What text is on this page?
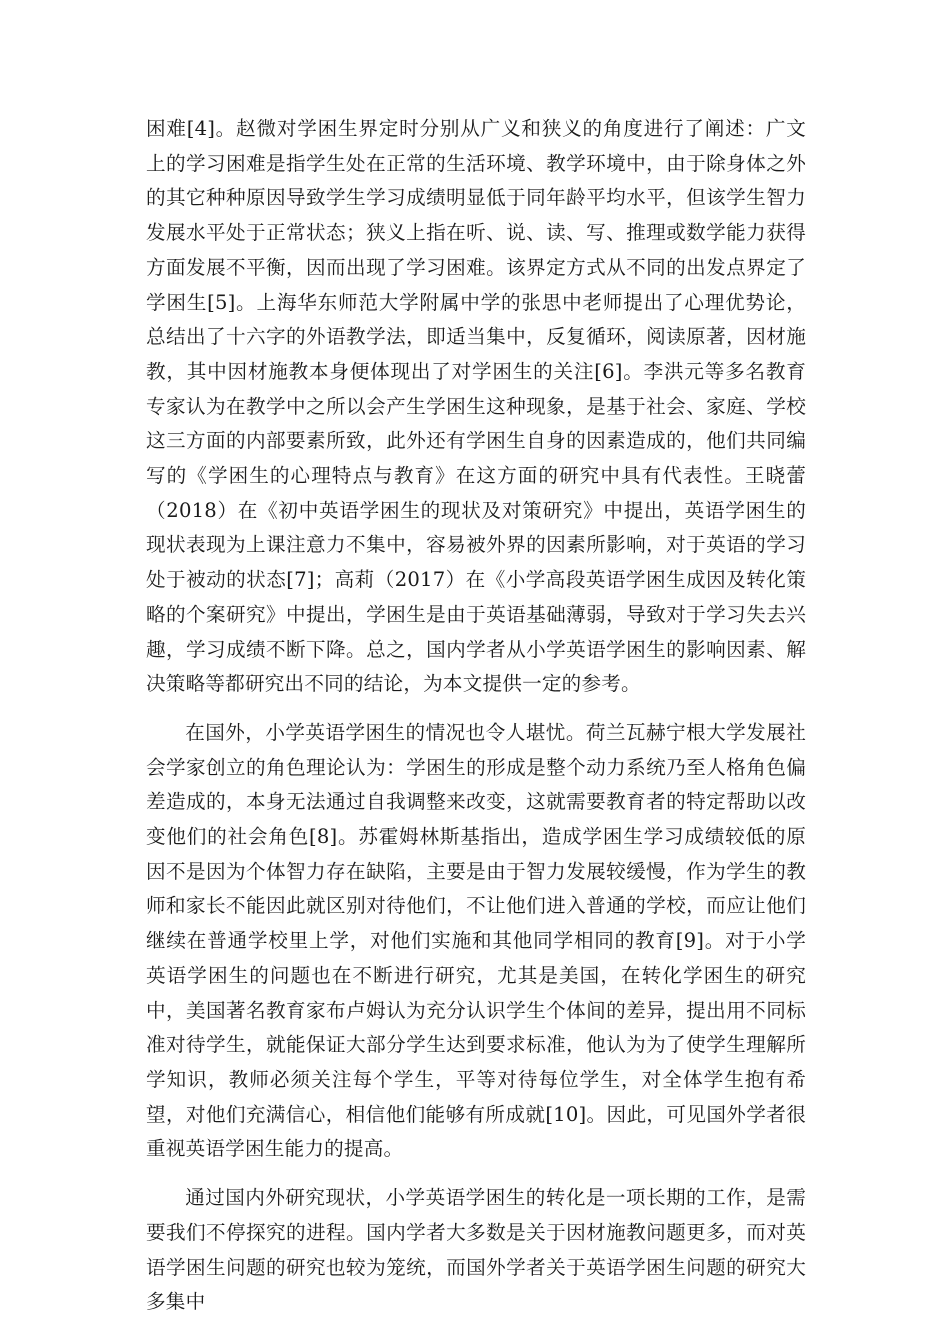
困难[4]。赵微对学困生界定时分别从广义和狭义的角度进行了阐述：广文上的学习困难是指学生处在正常的生活环境、教学环境中，由于除身体之外的其它种种原因导致学生学习成绩明显低于同年龄平均水平，但该学生智力发展水平处于正常状态；狭义上指在听、说、读、写、推理或数学能力获得方面发展不平衡，因而出现了学习困难。该界定方式从不同的出发点界定了学困生[5]。上海华东师范大学附属中学的张思中老师提出了心理优势论，总结出了十六字的外语教学法，即适当集中，反复循环，阅读原著，因材施教，其中因材施教本身便体现出了对学困生的关注[6]。李洪元等多名教育专家认为在教学中之所以会产生学困生这种现象，是基于社会、家庭、学校这三方面的内部要素所致，此外还有学困生自身的因素造成的，他们共同编写的《学困生的心理特点与教育》在这方面的研究中具有代表性。王晓蕾（2018）在《初中英语学困生的现状及对策研究》中提出，英语学困生的现状表现为上课注意力不集中，容易被外界的因素所影响，对于英语的学习处于被动的状态[7]；高莉（2017）在《小学高段英语学困生成因及转化策略的个案研究》中提出，学困生是由于英语基础薄弱，导致对于学习失去兴趣，学习成绩不断下降。总之，国内学者从小学英语学困生的影响因素、解决策略等都研究出不同的结论，为本文提供一定的参考。

在国外，小学英语学困生的情况也令人堪忧。荷兰瓦赫宁根大学发展社会学家创立的角色理论认为：学困生的形成是整个动力系统乃至人格角色偏差造成的，本身无法通过自我调整来改变，这就需要教育者的特定帮助以改变他们的社会角色[8]。苏霍姆林斯基指出，造成学困生学习成绩较低的原因不是因为个体智力存在缺陷，主要是由于智力发展较缓慢，作为学生的教师和家长不能因此就区别对待他们，不让他们进入普通的学校，而应让他们继续在普通学校里上学，对他们实施和其他同学相同的教育[9]。对于小学英语学困生的问题也在不断进行研究，尤其是美国，在转化学困生的研究中，美国著名教育家布卢姆认为充分认识学生个体间的差异，提出用不同标准对待学生，就能保证大部分学生达到要求标准，他认为为了使学生理解所学知识，教师必须关注每个学生，平等对待每位学生，对全体学生抱有希望，对他们充满信心，相信他们能够有所成就[10]。因此，可见国外学者很重视英语学困生能力的提高。

通过国内外研究现状，小学英语学困生的转化是一项长期的工作，是需要我们不停探究的进程。国内学者大多数是关于因材施教问题更多，而对英语学困生问题的研究也较为笼统，而国外学者关于英语学困生问题的研究大多集中
